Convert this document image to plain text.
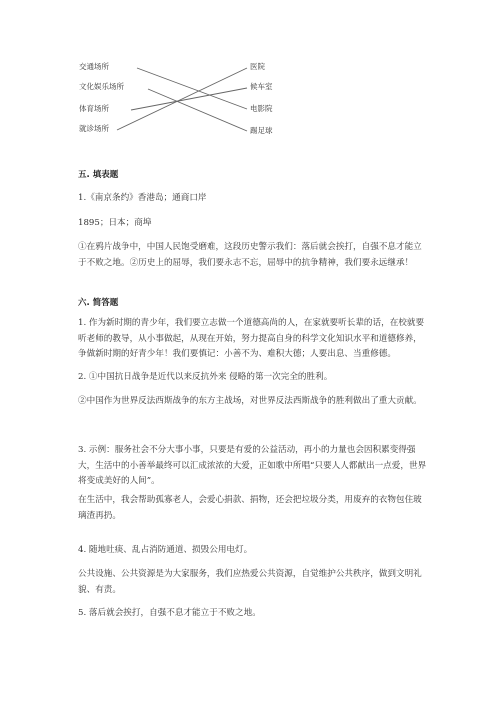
交通场所
文化娱乐场所
体育场所
就诊场所
医院
候车室
电影院
踢足球
五. 填表题
1.《南京条约》香港岛；通商口岸
1895；日本；商埠
①在鸦片战争中，中国人民饱受磨难，这段历史警示我们：落后就会挨打，自强不息才能立于不败之地。②历史上的屈辱，我们要永志不忘，屈辱中的抗争精神，我们要永远继承！
六. 简答题
1. 作为新时期的青少年，我们要立志做一个道德高尚的人，在家就要听长辈的话，在校就要听老师的教导，从小事做起，从现在开始，努力提高自身的科学文化知识水平和道德修养，争做新时期的好青少年！我们要慎记：小善不为、难积大德；人要出息、当重修德。
2. ①中国抗日战争是近代以来反抗外来 侵略的第一次完全的胜利。
②中国作为世界反法西斯战争的东方主战场，对世界反法西斯战争的胜利做出了重大贡献。
3. 示例：服务社会不分大事小事，只要是有爱的公益活动，再小的力量也会因积累变得强大，生活中的小善举最终可以汇成浓浓的大爱，正如歌中所唱“只要人人都献出一点爱，世界将变成美好的人间”。
在生活中，我会帮助孤寡老人，会爱心捐款、捐物，还会把垃圾分类，用废弃的衣物包住玻璃渣再扔。
4. 随地吐痰、乱占消防通道、损毁公用电灯。
公共设施、公共资源是为大家服务，我们应热爱公共资源，自觉维护公共秩序，做到文明礼貌、有责。
5. 落后就会挨打，自强不息才能立于不败之地。
